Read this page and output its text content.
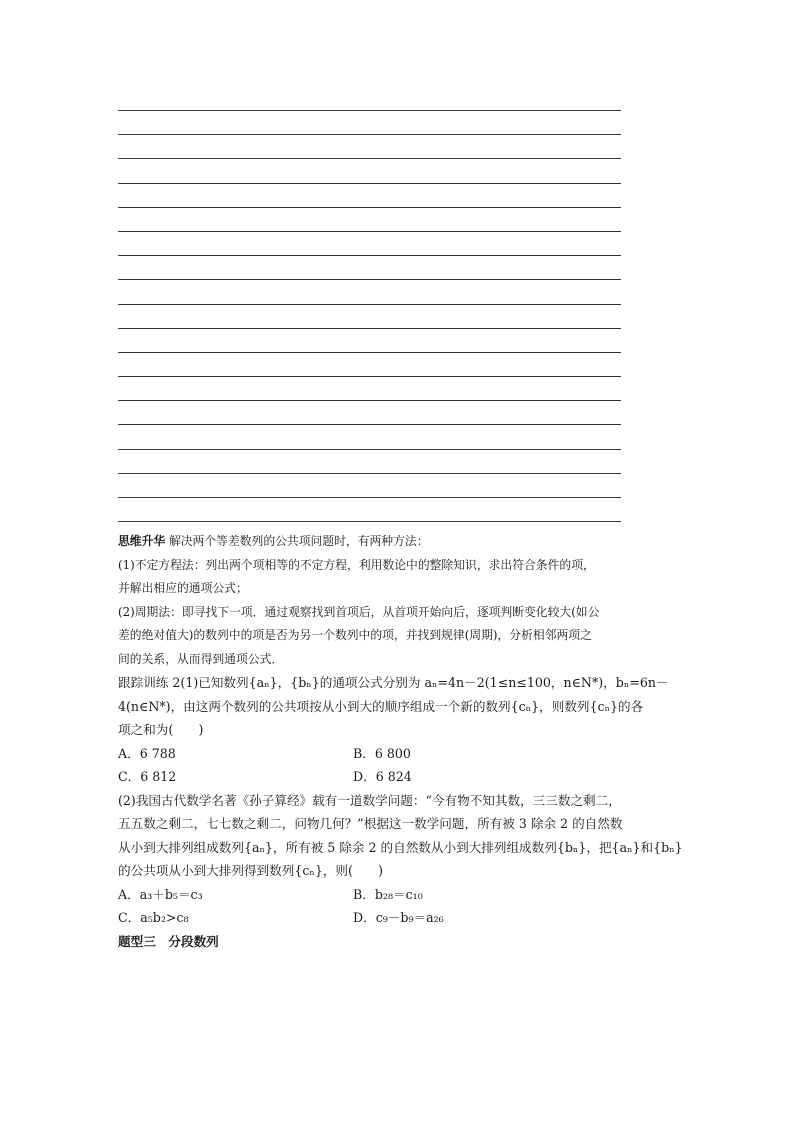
思维升华 解决两个等差数列的公共项问题时，有两种方法：

(1)不定方程法：列出两个项相等的不定方程，利用数论中的整除知识，求出符合条件的项，

并解出相应的通项公式；

(2)周期法：即寻找下一项．通过观察找到首项后，从首项开始向后，逐项判断变化较大(如公

差的绝对值大)的数列中的项是否为另一个数列中的项，并找到规律(周期)，分析相邻两项之

间的关系，从而得到通项公式．

跟踪训练 2(1)已知数列{aₙ}，{bₙ}的通项公式分别为 aₙ=4n－2(1≤n≤100，n∈N*)，bₙ=6n－

4(n∈N*)，由这两个数列的公共项按从小到大的顺序组成一个新的数列{cₙ}，则数列{cₙ}的各

项之和为(　　)

A．6 788	B．6 800
C．6 812	D．6 824

(2)我国古代数学名著《孙子算经》载有一道数学问题：“今有物不知其数，三三数之剩二，

五五数之剩二，七七数之剩二，问物几何？”根据这一数学问题，所有被 3 除余 2 的自然数

从小到大排列组成数列{aₙ}，所有被 5 除余 2 的自然数从小到大排列组成数列{bₙ}，把{aₙ}和{bₙ}

的公共项从小到大排列得到数列{cₙ}，则(　　)

A．a₃＋b₅＝c₃	B．b₂₈＝c₁₀
C．a₅b₂>c₈	D．c₉－b₉＝a₂₆

题型三　分段数列
